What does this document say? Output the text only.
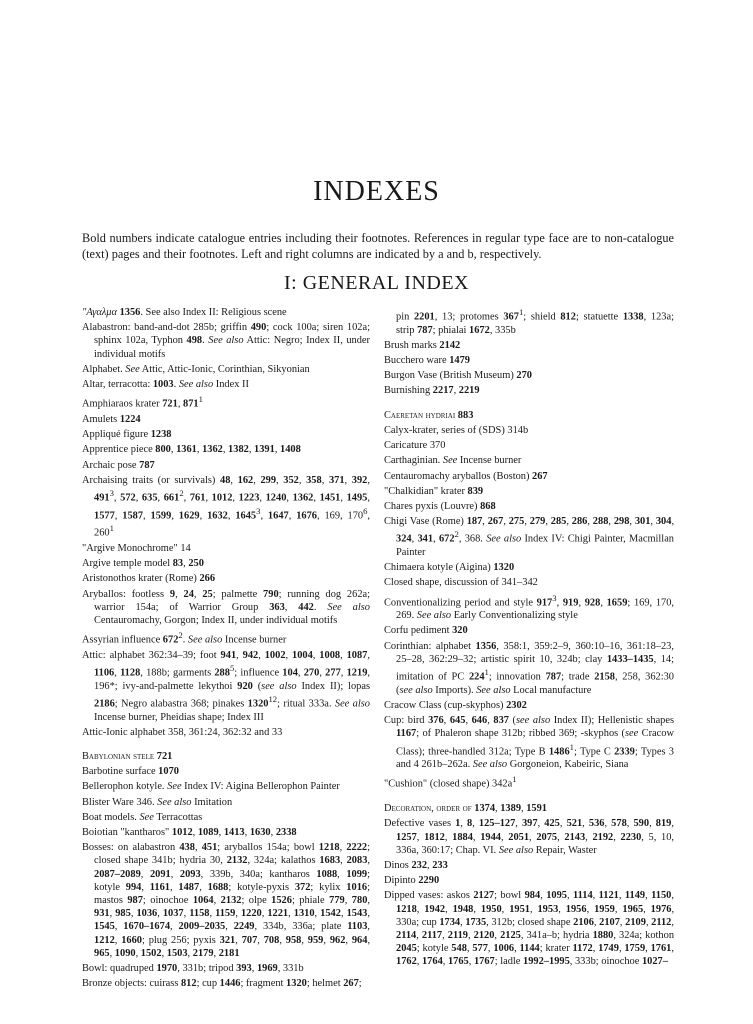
INDEXES

Bold numbers indicate catalogue entries including their footnotes. References in regular type face are to non-catalogue (text) pages and their footnotes. Left and right columns are indicated by a and b, respectively.

I: GENERAL INDEX

"Αγαλμα 1356. See also Index II: Religious scene

Alabastron: band-and-dot 285b; griffin 490; cock 100a; siren 102a; sphinx 102a, Typhon 498. See also Attic: Negro; Index II, under individual motifs

Alphabet. See Attic, Attic-Ionic, Corinthian, Sikyonian

Altar, terracotta: 1003. See also Index II

Amphiaraos krater 721, $871^1$

Amulets 1224

Appliqué figure 1238

Apprentice piece 800, 1361, 1362, 1382, 1391, 1408

Archaic pose 787

Archaising traits (or survivals) 48, 162, 299, 352, 358, 371, 392, $491^3$, 572, 635, $661^2$, 761, 1012, 1223, 1240, 1362, 1451, 1495, 1577, 1587, 1599, 1629, 1632, 1645$^3$, 1647, 1676, 169, $170^6$, $260^1$

"Argive Monochrome" 14

Argive temple model 83, 250

Aristonothos krater (Rome) 266

Aryballos: footless 9, 24, 25; palmette 790; running dog 262a; warrior 154a; of Warrior Group 363, 442. See also Centauromachy, Gorgon; Index II, under individual motifs

Assyrian influence $672^2$. See also Incense burner

Attic: alphabet 362:34–39; foot 941, 942, 1002, 1004, 1008, 1087, 1106, 1128, 188b; garments $288^5$; influence 104, 270, 277, 1219, 196*; ivy-and-palmette lekythoi 920 (see also Index II); lopas 2186; Negro alabastra 368; pinakes 1320$^{12}$; ritual 333a. See also Incense burner, Pheidias shape; Index III

Attic-Ionic alphabet 358, 361:24, 362:32 and 33

Babylonian stele 721

Barbotine surface 1070

Bellerophon kotyle. See Index IV: Aigina Bellerophon Painter

Blister Ware 346. See also Imitation

Boat models. See Terracottas

Boiotian "kantharos" 1012, 1089, 1413, 1630, 2338

Bosses: on alabastron 438, 451; aryballos 154a; bowl 1218, 2222; closed shape 341b; hydria 30, 2132, 324a; kalathos 1683, 2083, 2087–2089, 2091, 2093, 339b, 340a; kantharos 1088, 1099; kotyle 994, 1161, 1487, 1688; kotyle-pyxis 372; kylix 1016; mastos 987; oinochoe 1064, 2132; olpe 1526; phiale 779, 780, 931, 985, 1036, 1037, 1158, 1159, 1220, 1221, 1310, 1542, 1543, 1545, 1670–1674, 2009–2035, 2249, 334b, 336a; plate 1103, 1212, 1660; plug 256; pyxis 321, 707, 708, 958, 959, 962, 964, 965, 1090, 1502, 1503, 2179, 2181

Bowl: quadruped 1970, 331b; tripod 393, 1969, 331b

Bronze objects: cuirass 812; cup 1446; fragment 1320; helmet 267;

pin 2201, 13; protomes $367^1$; shield 812; statuette 1338, 123a; strip 787; phialai 1672, 335b

Brush marks 2142

Bucchero ware 1479

Burgon Vase (British Museum) 270

Burnishing 2217, 2219

Caeretan hydriai 883

Calyx-krater, series of (SDS) 314b

Caricature 370

Carthaginian. See Incense burner

Centauromachy aryballos (Boston) 267

"Chalkidian" krater 839

Chares pyxis (Louvre) 868

Chigi Vase (Rome) 187, 267, 275, 279, 285, 286, 288, 298, 301, 304, 324, 341, $672^2$, 368. See also Index IV: Chigi Painter, Macmillan Painter

Chimaera kotyle (Aigina) 1320

Closed shape, discussion of 341–342

Conventionalizing period and style $917^3$, 919, 928, 1659; 169, 170, 269. See also Early Conventionalizing style

Corfu pediment 320

Corinthian: alphabet 1356, 358:1, 359:2–9, 360:10–16, 361:18–23, 25–28, 362:29–32; artistic spirit 10, 324b; clay 1433–1435, 14; imitation of PC $224^1$; innovation 787; trade 2158, 258, 362:30 (see also Imports). See also Local manufacture

Cracow Class (cup-skyphos) 2302

Cup: bird 376, 645, 646, 837 (see also Index II); Hellenistic shapes 1167; of Phaleron shape 312b; ribbed 369; -skyphos (see Cracow Class); three-handled 312a; Type B 1486$^1$; Type C 2339; Types 3 and 4 261b–262a. See also Gorgoneion, Kabeiric, Siana

"Cushion" (closed shape) $342a^1$

Decoration, order of 1374, 1389, 1591

Defective vases 1, 8, 125–127, 397, 425, 521, 536, 578, 590, 819, 1257, 1812, 1884, 1944, 2051, 2075, 2143, 2192, 2230, 5, 10, 336a, 360:17; Chap. VI. See also Repair, Waster

Dinos 232, 233

Dipinto 2290

Dipped vases: askos 2127; bowl 984, 1095, 1114, 1121, 1149, 1150, 1218, 1942, 1948, 1950, 1951, 1953, 1956, 1959, 1965, 1976, 330a; cup 1734, 1735, 312b; closed shape 2106, 2107, 2109, 2112, 2114, 2117, 2119, 2120, 2125, 341a–b; hydria 1880, 324a; kothon 2045; kotyle 548, 577, 1006, 1144; krater 1172, 1749, 1759, 1761, 1762, 1764, 1765, 1767; ladle 1992–1995, 333b; oinochoe 1027–
